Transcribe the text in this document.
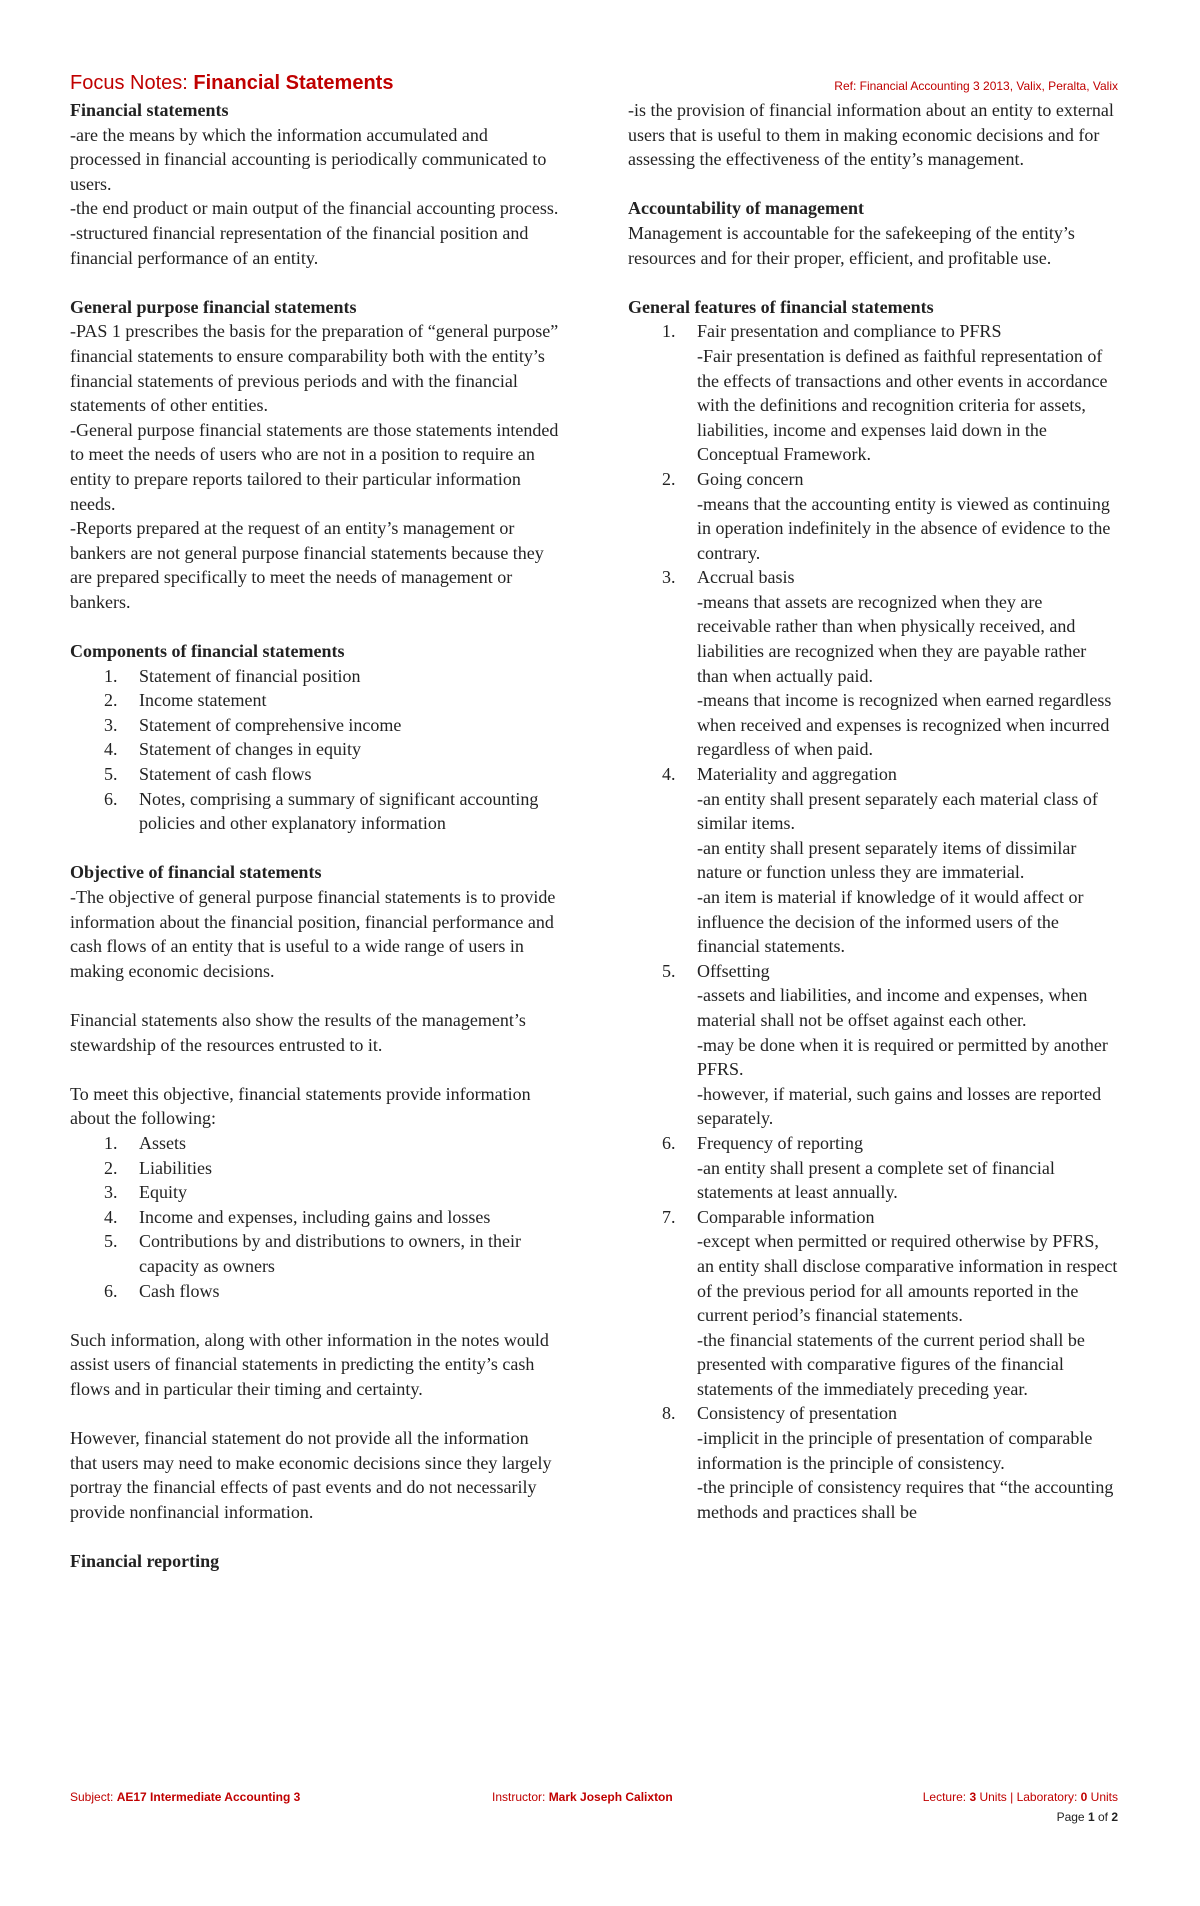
Focus Notes: Financial Statements	Ref: Financial Accounting 3 2013, Valix, Peralta, Valix
Financial statements

-are the means by which the information accumulated and processed in financial accounting is periodically communicated to users.

-the end product or main output of the financial accounting process.

-structured financial representation of the financial position and financial performance of an entity.

General purpose financial statements

-PAS 1 prescribes the basis for the preparation of “general purpose” financial statements to ensure comparability both with the entity’s financial statements of previous periods and with the financial statements of other entities.

-General purpose financial statements are those statements intended to meet the needs of users who are not in a position to require an entity to prepare reports tailored to their particular information needs.

-Reports prepared at the request of an entity’s management or bankers are not general purpose financial statements because they are prepared specifically to meet the needs of management or bankers.

Components of financial statements
1. Statement of financial position
2. Income statement
3. Statement of comprehensive income
4. Statement of changes in equity
5. Statement of cash flows
6. Notes, comprising a summary of significant accounting policies and other explanatory information
Objective of financial statements

-The objective of general purpose financial statements is to provide information about the financial position, financial performance and cash flows of an entity that is useful to a wide range of users in making economic decisions.

Financial statements also show the results of the management’s stewardship of the resources entrusted to it.

To meet this objective, financial statements provide information about the following:

1. Assets
2. Liabilities
3. Equity
4. Income and expenses, including gains and losses
5. Contributions by and distributions to owners, in their capacity as owners
6. Cash flows

Such information, along with other information in the notes would assist users of financial statements in predicting the entity’s cash flows and in particular their timing and certainty.

However, financial statement do not provide all the information that users may need to make economic decisions since they largely portray the financial effects of past events and do not necessarily provide nonfinancial information.

Financial reporting

-is the provision of financial information about an entity to external users that is useful to them in making economic decisions and for assessing the effectiveness of the entity’s management.

Accountability of management

Management is accountable for the safekeeping of the entity’s resources and for their proper, efficient, and profitable use.

General features of financial statements
1. Fair presentation and compliance to PFRS
-Fair presentation is defined as faithful representation of the effects of transactions and other events in accordance with the definitions and recognition criteria for assets, liabilities, income and expenses laid down in the Conceptual Framework.
2. Going concern
-means that the accounting entity is viewed as continuing in operation indefinitely in the absence of evidence to the contrary.
3. Accrual basis
-means that assets are recognized when they are receivable rather than when physically received, and liabilities are recognized when they are payable rather than when actually paid.
-means that income is recognized when earned regardless when received and expenses is recognized when incurred regardless of when paid.
4. Materiality and aggregation
-an entity shall present separately each material class of similar items.
-an entity shall present separately items of dissimilar nature or function unless they are immaterial.
-an item is material if knowledge of it would affect or influence the decision of the informed users of the financial statements.
5. Offsetting
-assets and liabilities, and income and expenses, when material shall not be offset against each other.
-may be done when it is required or permitted by another PFRS.
-however, if material, such gains and losses are reported separately.
6. Frequency of reporting
-an entity shall present a complete set of financial statements at least annually.
7. Comparable information
-except when permitted or required otherwise by PFRS, an entity shall disclose comparative information in respect of the previous period for all amounts reported in the current period’s financial statements.
-the financial statements of the current period shall be presented with comparative figures of the financial statements of the immediately preceding year.
8. Consistency of presentation
-implicit in the principle of presentation of comparable information is the principle of consistency.
-the principle of consistency requires that “the accounting methods and practices shall be
Subject: AE17 Intermediate Accounting 3	Instructor: Mark Joseph Calixton	Lecture: 3 Units | Laboratory: 0 Units
Page 1 of 2
